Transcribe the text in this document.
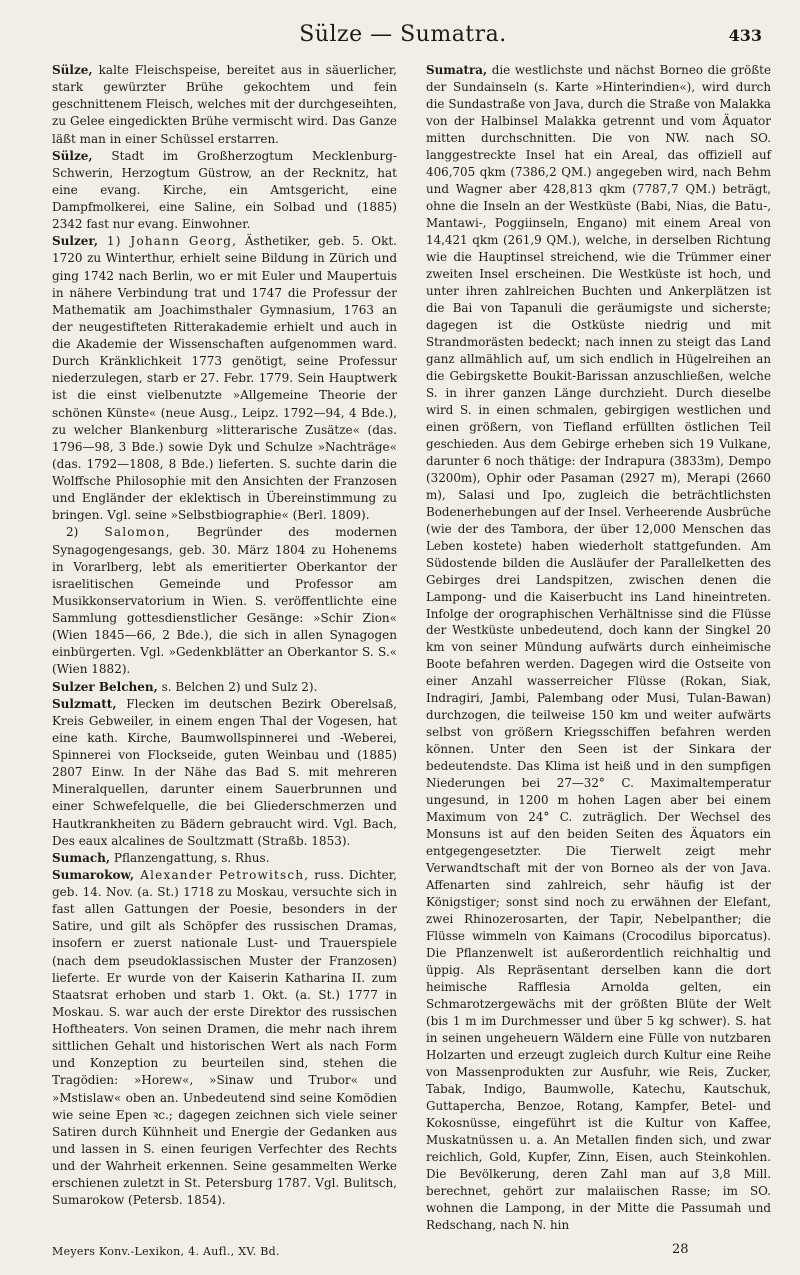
Sülze — Sumatra.	433

Sülze, kalte Fleischspeise, bereitet aus in säuerlicher, stark gewürzter Brühe gekochtem und fein geschnittenem Fleisch, welches mit der durchgeseihten, zu Gelee eingedickten Brühe vermischt wird. Das Ganze läßt man in einer Schüssel erstarren.

Sülze, Stadt im Großherzogtum Mecklenburg-Schwerin, Herzogtum Güstrow, an der Recknitz, hat eine evang. Kirche, ein Amtsgericht, eine Dampfmolkerei, eine Saline, ein Solbad und (1885) 2342 fast nur evang. Einwohner.

Sulzer, 1) Johann Georg, Ästhetiker, geb. 5. Okt. 1720 zu Winterthur, erhielt seine Bildung in Zürich und ging 1742 nach Berlin, wo er mit Euler und Maupertuis in nähere Verbindung trat und 1747 die Professur der Mathematik am Joachimsthaler Gymnasium, 1763 an der neugestifteten Ritterakademie erhielt und auch in die Akademie der Wissenschaften aufgenommen ward. Durch Kränklichkeit 1773 genötigt, seine Professur niederzulegen, starb er 27. Febr. 1779. Sein Hauptwerk ist die einst vielbenutzte »Allgemeine Theorie der schönen Künste« (neue Ausg., Leipz. 1792—94, 4 Bde.), zu welcher Blankenburg »litterarische Zusätze« (das. 1796—98, 3 Bde.) sowie Dyk und Schulze »Nachträge« (das. 1792—1808, 8 Bde.) lieferten. S. suchte darin die Wolffsche Philosophie mit den Ansichten der Franzosen und Engländer der eklektisch in Übereinstimmung zu bringen. Vgl. seine »Selbstbiographie« (Berl. 1809).

2) Salomon, Begründer des modernen Synagogengesangs, geb. 30. März 1804 zu Hohenems in Vorarlberg, lebt als emeritierter Oberkantor der israelitischen Gemeinde und Professor am Musikkonservatorium in Wien. S. veröffentlichte eine Sammlung gottesdienstlicher Gesänge: »Schir Zion« (Wien 1845—66, 2 Bde.), die sich in allen Synagogen einbürgerten. Vgl. »Gedenkblätter an Oberkantor S. S.« (Wien 1882).

Sulzer Belchen, s. Belchen 2) und Sulz 2).

Sulzmatt, Flecken im deutschen Bezirk Oberelsaß, Kreis Gebweiler, in einem engen Thal der Vogesen, hat eine kath. Kirche, Baumwollspinnerei und -Weberei, Spinnerei von Flockseide, guten Weinbau und (1885) 2807 Einw. In der Nähe das Bad S. mit mehreren Mineralquellen, darunter einem Sauerbrunnen und einer Schwefelquelle, die bei Gliederschmerzen und Hautkrankheiten zu Bädern gebraucht wird. Vgl. Bach, Des eaux alcalines de Soultzmatt (Straßb. 1853).

Sumach, Pflanzengattung, s. Rhus.

Sumarokow, Alexander Petrowitsch, russ. Dichter, geb. 14. Nov. (a. St.) 1718 zu Moskau, versuchte sich in fast allen Gattungen der Poesie, besonders in der Satire, und gilt als Schöpfer des russischen Dramas, insofern er zuerst nationale Lust- und Trauerspiele (nach dem pseudoklassischen Muster der Franzosen) lieferte. Er wurde von der Kaiserin Katharina II. zum Staatsrat erhoben und starb 1. Okt. (a. St.) 1777 in Moskau. S. war auch der erste Direktor des russischen Hoftheaters. Von seinen Dramen, die mehr nach ihrem sittlichen Gehalt und historischen Wert als nach Form und Konzeption zu beurteilen sind, stehen die Tragödien: »Horew«, »Sinaw und Trubor« und »Mstislaw« oben an. Unbedeutend sind seine Komödien wie seine Epen ꝛc.; dagegen zeichnen sich viele seiner Satiren durch Kühnheit und Energie der Gedanken aus und lassen in S. einen feurigen Verfechter des Rechts und der Wahrheit erkennen. Seine gesammelten Werke erschienen zuletzt in St. Petersburg 1787. Vgl. Bulitsch, Sumarokow (Petersb. 1854).

Sumatra, die westlichste und nächst Borneo die größte der Sundainseln (s. Karte »Hinterindien«), wird durch die Sundastraße von Java, durch die Straße von Malakka von der Halbinsel Malakka getrennt und vom Äquator mitten durchschnitten. Die von NW. nach SO. langgestreckte Insel hat ein Areal, das offiziell auf 406,705 qkm (7386,2 QM.) angegeben wird, nach Behm und Wagner aber 428,813 qkm (7787,7 QM.) beträgt, ohne die Inseln an der Westküste (Babi, Nias, die Batu-, Mantawi-, Poggiinseln, Engano) mit einem Areal von 14,421 qkm (261,9 QM.), welche, in derselben Richtung wie die Hauptinsel streichend, wie die Trümmer einer zweiten Insel erscheinen. Die Westküste ist hoch, und unter ihren zahlreichen Buchten und Ankerplätzen ist die Bai von Tapanuli die geräumigste und sicherste; dagegen ist die Ostküste niedrig und mit Strandmorästen bedeckt; nach innen zu steigt das Land ganz allmählich auf, um sich endlich in Hügelreihen an die Gebirgskette Boukit-Barissan anzuschließen, welche S. in ihrer ganzen Länge durchzieht. Durch dieselbe wird S. in einen schmalen, gebirgigen westlichen und einen größern, von Tiefland erfüllten östlichen Teil geschieden. Aus dem Gebirge erheben sich 19 Vulkane, darunter 6 noch thätige: der Indrapura (3833m), Dempo (3200m), Ophir oder Pasaman (2927 m), Merapi (2660 m), Salasi und Ipo, zugleich die beträchtlichsten Bodenerhebungen auf der Insel. Verheerende Ausbrüche (wie der des Tambora, der über 12,000 Menschen das Leben kostete) haben wiederholt stattgefunden. Am Südostende bilden die Ausläufer der Parallelketten des Gebirges drei Landspitzen, zwischen denen die Lampong- und die Kaiserbucht ins Land hineintreten. Infolge der orographischen Verhältnisse sind die Flüsse der Westküste unbedeutend, doch kann der Singkel 20 km von seiner Mündung aufwärts durch einheimische Boote befahren werden. Dagegen wird die Ostseite von einer Anzahl wasserreicher Flüsse (Rokan, Siak, Indragiri, Jambi, Palembang oder Musi, Tulan-Bawan) durchzogen, die teilweise 150 km und weiter aufwärts selbst von größern Kriegsschiffen befahren werden können. Unter den Seen ist der Sinkara der bedeutendste. Das Klima ist heiß und in den sumpfigen Niederungen bei 27—32° C. Maximaltemperatur ungesund, in 1200 m hohen Lagen aber bei einem Maximum von 24° C. zuträglich. Der Wechsel des Monsuns ist auf den beiden Seiten des Äquators ein entgegengesetzter. Die Tierwelt zeigt mehr Verwandtschaft mit der von Borneo als der von Java. Affenarten sind zahlreich, sehr häufig ist der Königstiger; sonst sind noch zu erwähnen der Elefant, zwei Rhinozerosarten, der Tapir, Nebelpanther; die Flüsse wimmeln von Kaimans (Crocodilus biporcatus). Die Pflanzenwelt ist außerordentlich reichhaltig und üppig. Als Repräsentant derselben kann die dort heimische Rafflesia Arnolda gelten, ein Schmarotzergewächs mit der größten Blüte der Welt (bis 1 m im Durchmesser und über 5 kg schwer). S. hat in seinen ungeheuern Wäldern eine Fülle von nutzbaren Holzarten und erzeugt zugleich durch Kultur eine Reihe von Massenprodukten zur Ausfuhr, wie Reis, Zucker, Tabak, Indigo, Baumwolle, Katechu, Kautschuk, Guttapercha, Benzoe, Rotang, Kampfer, Betel- und Kokosnüsse, eingeführt ist die Kultur von Kaffee, Muskatnüssen u. a. An Metallen finden sich, und zwar reichlich, Gold, Kupfer, Zinn, Eisen, auch Steinkohlen. Die Bevölkerung, deren Zahl man auf 3,8 Mill. berechnet, gehört zur malaiischen Rasse; im SO. wohnen die Lampong, in der Mitte die Passumah und Redschang, nach N. hin

Meyers Konv.-Lexikon, 4. Aufl., XV. Bd.	28
